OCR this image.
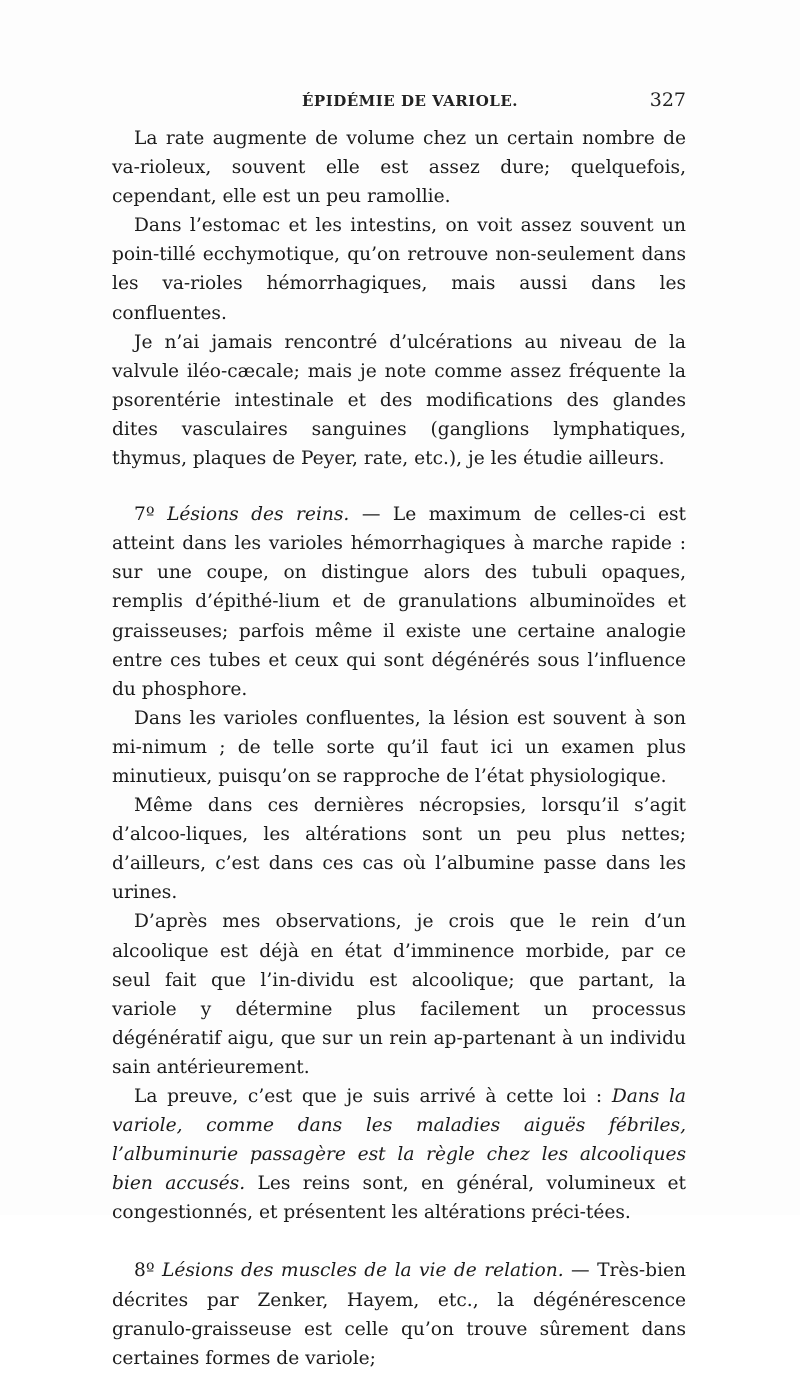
ÉPIDÉMIE DE VARIOLE.	327

La rate augmente de volume chez un certain nombre de va-rioleux, souvent elle est assez dure; quelquefois, cependant, elle est un peu ramollie.

Dans l’estomac et les intestins, on voit assez souvent un poin-tillé ecchymotique, qu’on retrouve non-seulement dans les va-rioles hémorrhagiques, mais aussi dans les confluentes.

Je n’ai jamais rencontré d’ulcérations au niveau de la valvule iléo-cæcale; mais je note comme assez fréquente la psorentérie intestinale et des modifications des glandes dites vasculaires sanguines (ganglions lymphatiques, thymus, plaques de Peyer, rate, etc.), je les étudie ailleurs.

7º Lésions des reins. — Le maximum de celles-ci est atteint dans les varioles hémorrhagiques à marche rapide : sur une coupe, on distingue alors des tubuli opaques, remplis d’épithé-lium et de granulations albuminoïdes et graisseuses; parfois même il existe une certaine analogie entre ces tubes et ceux qui sont dégénérés sous l’influence du phosphore.

Dans les varioles confluentes, la lésion est souvent à son mi-nimum ; de telle sorte qu’il faut ici un examen plus minutieux, puisqu’on se rapproche de l’état physiologique.

Même dans ces dernières nécropsies, lorsqu’il s’agit d’alcoo-liques, les altérations sont un peu plus nettes; d’ailleurs, c’est dans ces cas où l’albumine passe dans les urines.

D’après mes observations, je crois que le rein d’un alcoolique est déjà en état d’imminence morbide, par ce seul fait que l’in-dividu est alcoolique; que partant, la variole y détermine plus facilement un processus dégénératif aigu, que sur un rein ap-partenant à un individu sain antérieurement.

La preuve, c’est que je suis arrivé à cette loi : Dans la variole, comme dans les maladies aiguës fébriles, l’albuminurie passagère est la règle chez les alcooliques bien accusés. Les reins sont, en général, volumineux et congestionnés, et présentent les altérations préci-tées.

8º Lésions des muscles de la vie de relation. — Très-bien décrites par Zenker, Hayem, etc., la dégénérescence granulo-graisseuse est celle qu’on trouve sûrement dans certaines formes de variole;
